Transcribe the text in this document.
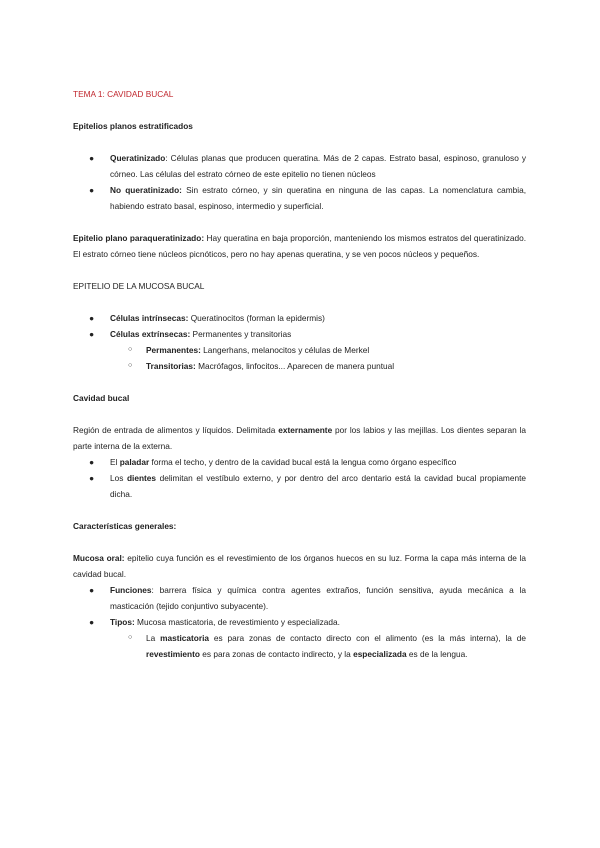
TEMA 1: CAVIDAD BUCAL

Epitelios planos estratificados

● Queratinizado: Células planas que producen queratina. Más de 2 capas. Estrato basal, espinoso, granuloso y córneo. Las células del estrato córneo de este epitelio no tienen núcleos
● No queratinizado: Sin estrato córneo, y sin queratina en ninguna de las capas. La nomenclatura cambia, habiendo estrato basal, espinoso, intermedio y superficial.

Epitelio plano paraqueratinizado: Hay queratina en baja proporción, manteniendo los mismos estratos del queratinizado. El estrato córneo tiene núcleos picnóticos, pero no hay apenas queratina, y se ven pocos núcleos y pequeños.

EPITELIO DE LA MUCOSA BUCAL

● Células intrínsecas: Queratinocitos (forman la epidermis)
● Células extrínsecas: Permanentes y transitorias
○ Permanentes: Langerhans, melanocitos y células de Merkel
○ Transitorias: Macrófagos, linfocitos... Aparecen de manera puntual

Cavidad bucal

Región de entrada de alimentos y líquidos. Delimitada externamente por los labios y las mejillas. Los dientes separan la parte interna de la externa.

● El paladar forma el techo, y dentro de la cavidad bucal está la lengua como órgano específico
● Los dientes delimitan el vestíbulo externo, y por dentro del arco dentario está la cavidad bucal propiamente dicha.

Características generales:

Mucosa oral: epitelio cuya función es el revestimiento de los órganos huecos en su luz. Forma la capa más interna de la cavidad bucal.

● Funciones: barrera física y química contra agentes extraños, función sensitiva, ayuda mecánica a la masticación (tejido conjuntivo subyacente).
● Tipos: Mucosa masticatoria, de revestimiento y especializada.
○ La masticatoria es para zonas de contacto directo con el alimento (es la más interna), la de revestimiento es para zonas de contacto indirecto, y la especializada es de la lengua.
